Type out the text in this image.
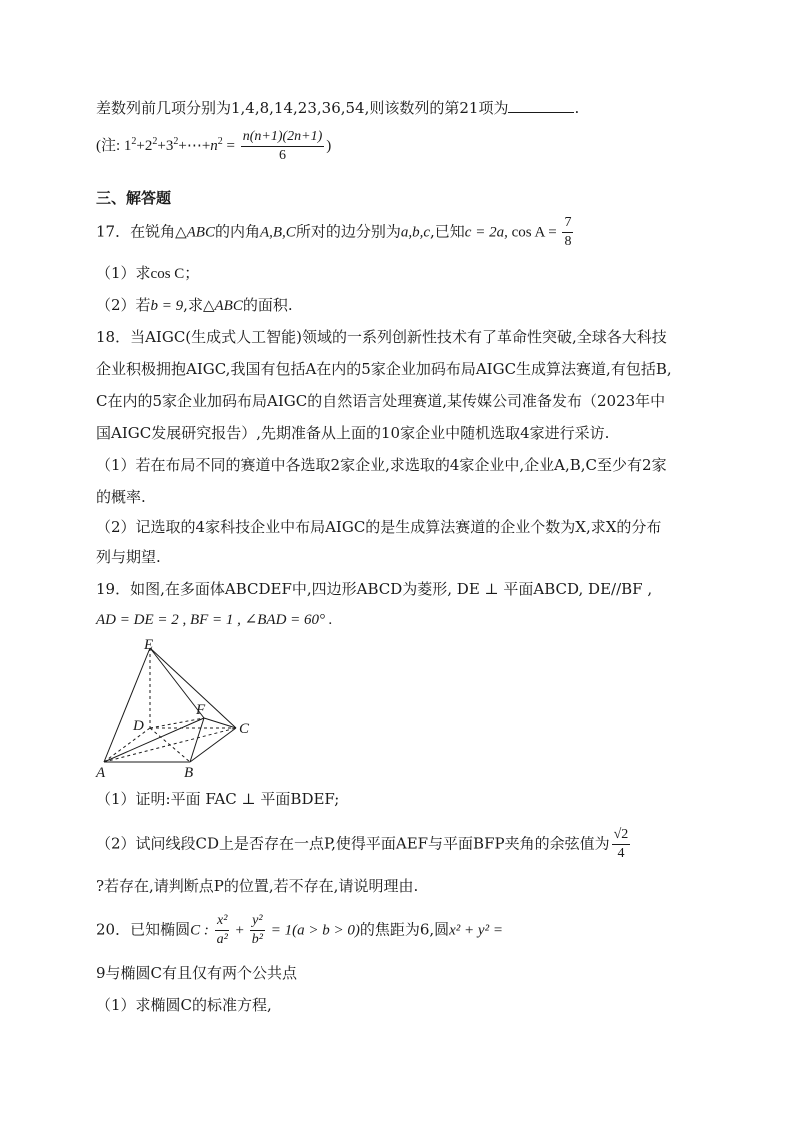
差数列前几项分别为1,4,8,14,23,36,54,则该数列的第21项为	.
(注: $1^2+2^2+3^2+\cdots+n^2 = \frac{n(n+1)(2n+1)}{6}$ )
三、解答题
17．在锐角△ABC的内角A,B,C所对的边分别为a,b,c,已知c = 2a, $\cos A = \frac{7}{8}$
（1）求cos C；
（2）若b = 9,求△ABC的面积.
18．当AIGC(生成式人工智能)领域的一系列创新性技术有了革命性突破,全球各大科技
企业积极拥抱AIGC,我国有包括A在内的5家企业加码布局AIGC生成算法赛道,有包括B,
C在内的5家企业加码布局AIGC的自然语言处理赛道,某传媒公司准备发布（2023年中
国AIGC发展研究报告）,先期准备从上面的10家企业中随机选取4家进行采访.
（1）若在布局不同的赛道中各选取2家企业,求选取的4家企业中,企业A,B,C至少有2家
的概率.
（2）记选取的4家科技企业中布局AIGC的是生成算法赛道的企业个数为X,求X的分布
列与期望.
19．如图,在多面体ABCDEF中,四边形ABCD为菱形, DE ⊥ 平面ABCD, DE//BF ,
AD = DE = 2 , BF = 1 , ∠BAD = 60° .
E
F
D	C
A	B
（1）证明:平面 FAC ⊥ 平面BDEF;
（2）试问线段CD上是否存在一点P,使得平面AEF与平面BFP夹角的余弦值为 $\frac{√2}{4}$
?若存在,请判断点P的位置,若不存在,请说明理由.
20．已知椭圆C : $\frac{\text{x²}}{\text{a²}} + \frac{\text{y²}}{\text{b²}} = 1(a > b > 0)$的焦距为6,圆x² + y² =
9与椭圆C有且仅有两个公共点
（1）求椭圆C的标准方程,
